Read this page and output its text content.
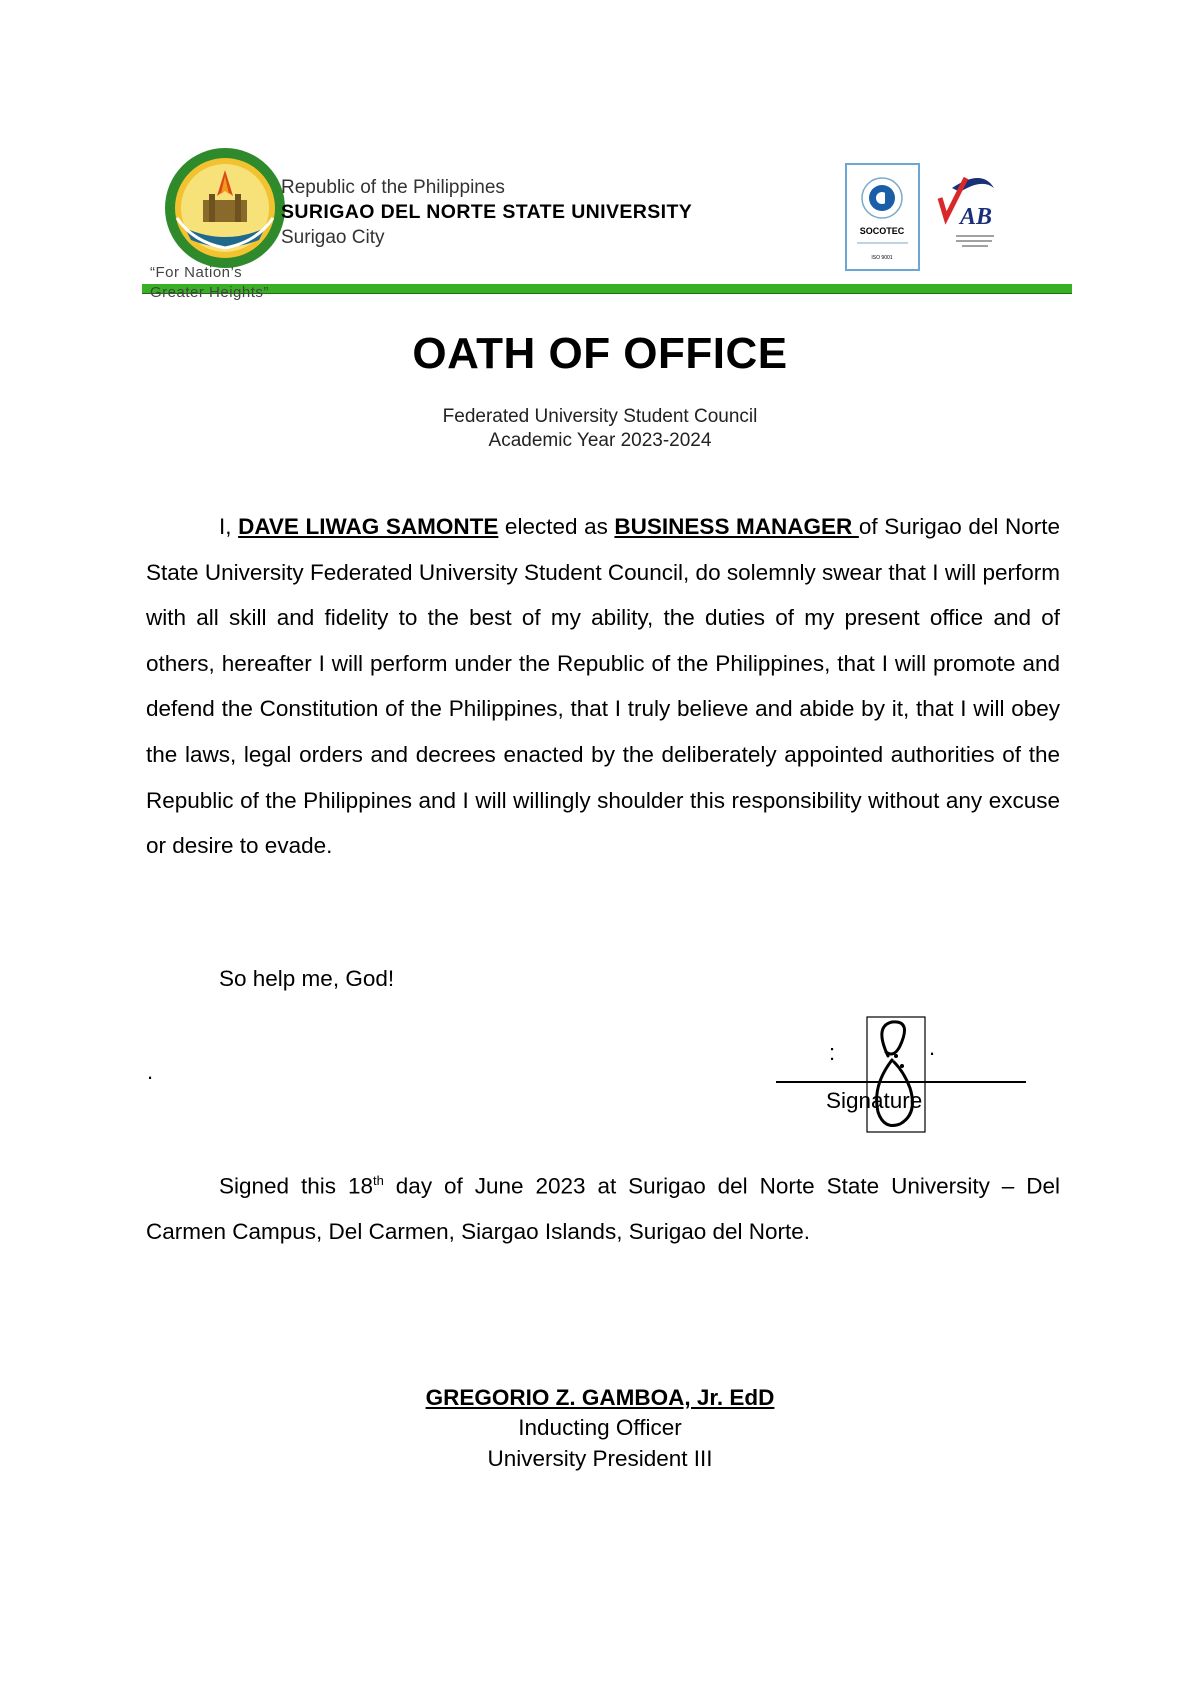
Republic of the Philippines
SURIGAO DEL NORTE STATE UNIVERSITY
Surigao City
“For Nation’s
Greater Heights”
SOCOTEC
ISO 9001
AB
OATH OF OFFICE
Federated University Student Council
Academic Year 2023-2024
I, DAVE LIWAG SAMONTE elected as BUSINESS MANAGER of Surigao del Norte State University Federated University Student Council, do solemnly swear that I will perform with all skill and fidelity to the best of my ability, the duties of my present office and of others, hereafter I will perform under the Republic of the Philippines, that I will promote and defend the Constitution of the Philippines, that I truly believe and abide by it, that I will obey the laws, legal orders and decrees enacted by the deliberately appointed authorities of the Republic of the Philippines and I will willingly shoulder this responsibility without any excuse or desire to evade.
So help me, God!
.
:	.
Signature
Signed this 18th day of June 2023 at Surigao del Norte State University – Del Carmen Campus, Del Carmen, Siargao Islands, Surigao del Norte.
GREGORIO Z. GAMBOA, Jr. EdD
Inducting Officer
University President III
